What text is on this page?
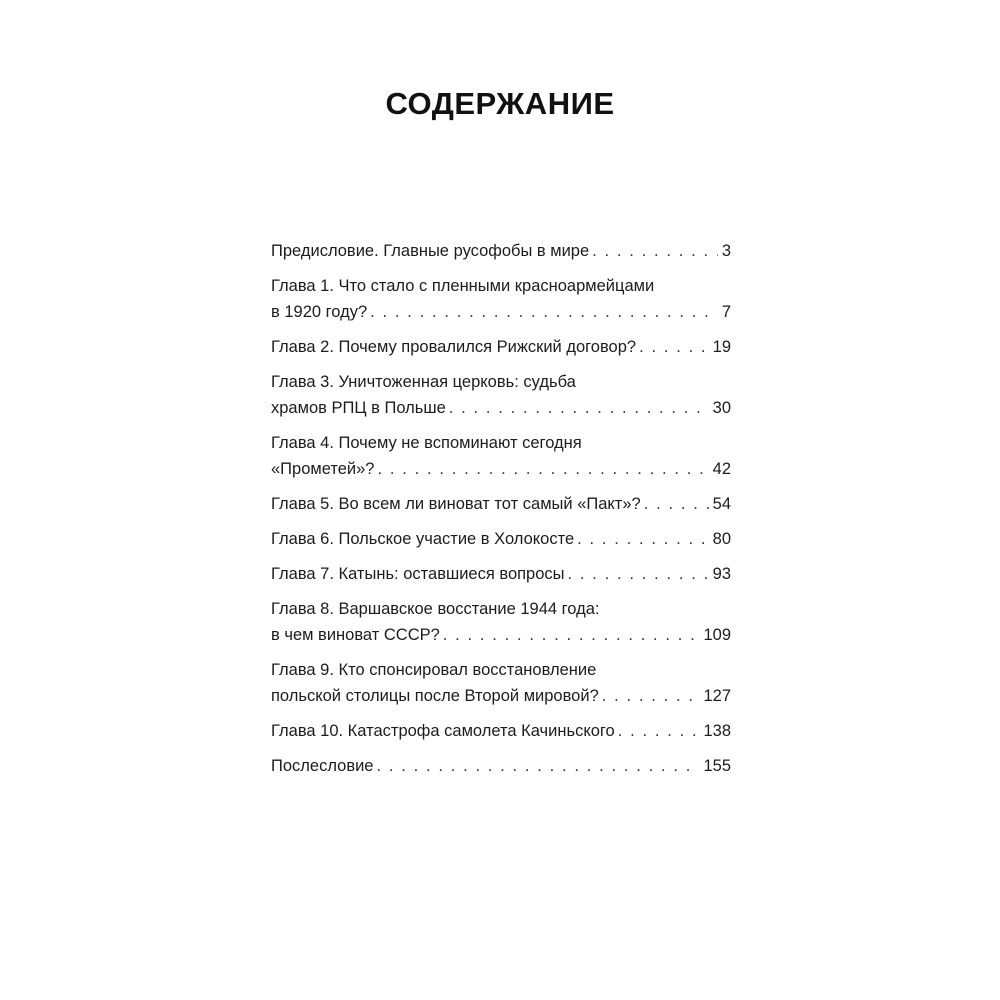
СОДЕРЖАНИЕ
Предисловие. Главные русофобы в мире . . .	3
Глава 1. Что стало с пленными красноармейцами
в 1920 году? . . .	7
Глава 2. Почему провалился Рижский договор? . . .	19
Глава 3. Уничтоженная церковь: судьба
храмов РПЦ в Польше . . .	30
Глава 4. Почему не вспоминают сегодня
«Прометей»? . . .	42
Глава 5. Во всем ли виноват тот самый «Пакт»? . . .	54
Глава 6. Польское участие в Холокосте . . .	80
Глава 7. Катынь: оставшиеся вопросы . . .	93
Глава 8. Варшавское восстание 1944 года:
в чем виноват СССР? . . .	109
Глава 9. Кто спонсировал восстановление
польской столицы после Второй мировой? . . .	127
Глава 10. Катастрофа самолета Качиньского . . .	138
Послесловие . . .	155
